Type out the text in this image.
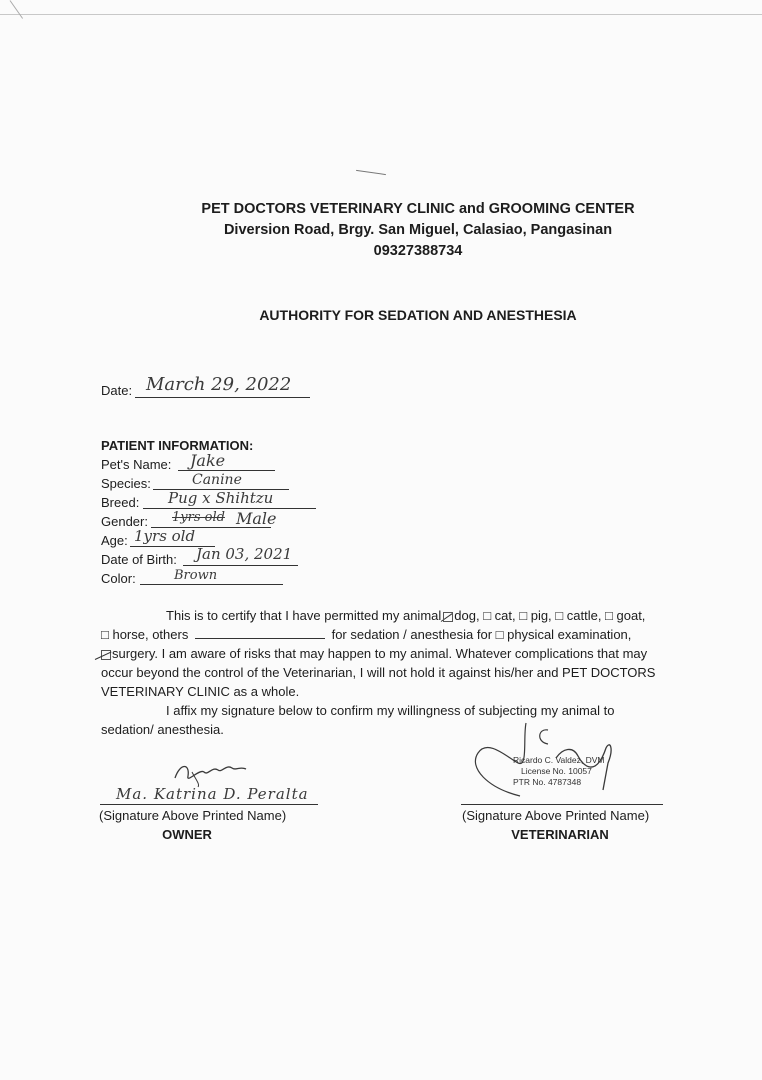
PET DOCTORS VETERINARY CLINIC and GROOMING CENTER
Diversion Road, Brgy. San Miguel, Calasiao, Pangasinan
09327388734
AUTHORITY FOR SEDATION AND ANESTHESIA
Date: March 29, 2022
PATIENT INFORMATION:
Pet's Name: Jake
Species:	Canine
Breed: Pug x Shihtzu
Gender: 1yrs old Male
Age: 1yrs old
Date of Birth: Jan 03, 2021
Color:	Brown
This is to certify that I have permitted my animal dog, □ cat, □ pig, □ cattle, □ goat,
□ horse, others	for sedation / anesthesia for □ physical examination,
surgery. I am aware of risks that may happen to my animal. Whatever complications that may
occur beyond the control of the Veterinarian, I will not hold it against his/her and PET DOCTORS
VETERINARY CLINIC as a whole.
I affix my signature below to confirm my willingness of subjecting my animal to
sedation/ anesthesia.
Ma. Katrina D. Peralta
(Signature Above Printed Name)
OWNER
Ricardo C. Valdez, DVM
License No. 10057
PTR No. 4787348
(Signature Above Printed Name)
VETERINARIAN
